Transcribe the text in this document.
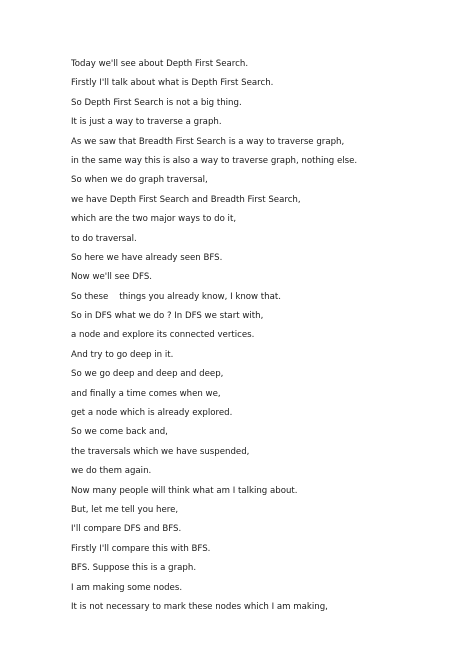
Today we'll see about Depth First Search.
Firstly I'll talk about what is Depth First Search.
So Depth First Search is not a big thing.
It is just a way to traverse a graph.
As we saw that Breadth First Search is a way to traverse graph,
in the same way this is also a way to traverse graph, nothing else.
So when we do graph traversal,
we have Depth First Search and Breadth First Search,
which are the two major ways to do it,
to do traversal.
So here we have already seen BFS.
Now we'll see DFS.
So these    things you already know, I know that.
So in DFS what we do ? In DFS we start with,
a node and explore its connected vertices.
And try to go deep in it.
So we go deep and deep and deep,
and finally a time comes when we,
get a node which is already explored.
So we come back and,
the traversals which we have suspended,
we do them again.
Now many people will think what am I talking about.
But, let me tell you here,
I'll compare DFS and BFS.
Firstly I'll compare this with BFS.
BFS. Suppose this is a graph.
I am making some nodes.
It is not necessary to mark these nodes which I am making,
